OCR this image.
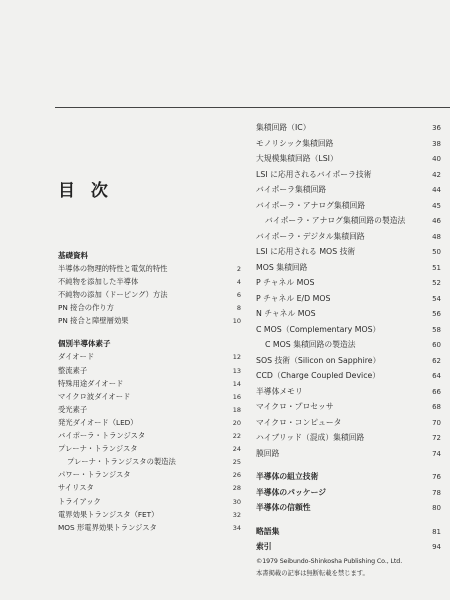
目 次
基礎資料
半導体の物理的特性と電気的特性	2
不純物を添加した半導体	4
不純物の添加（ドーピング）方法	6
PN 接合の作り方	8
PN 接合と障壁層効果	10
個別半導体素子
ダイオード	12
整流素子	13
特殊用途ダイオード	14
マイクロ波ダイオード	16
受光素子	18
発光ダイオード（LED）	20
バイポーラ・トランジスタ	22
プレーナ・トランジスタ	24
プレーナ・トランジスタの製造法	25
パワー・トランジスタ	26
サイリスタ	28
トライアック	30
電界効果トランジスタ（FET）	32
MOS 形電界効果トランジスタ	34
集積回路（IC）	36
モノリシック集積回路	38
大規模集積回路（LSI）	40
LSI に応用されるバイポーラ技術	42
バイポーラ集積回路	44
バイポーラ・アナログ集積回路	45
バイポーラ・アナログ集積回路の製造法	46
バイポーラ・デジタル集積回路	48
LSI に応用される MOS 技術	50
MOS 集積回路	51
P チャネル MOS	52
P チャネル E/D MOS	54
N チャネル MOS	56
C MOS（Complementary MOS）	58
C MOS 集積回路の製造法	60
SOS 技術（Silicon on Sapphire）	62
CCD（Charge Coupled Device）	64
半導体メモリ	66
マイクロ・プロセッサ	68
マイクロ・コンピュータ	70
ハイブリッド（混成）集積回路	72
膜回路	74
半導体の組立技術	76
半導体のパッケージ	78
半導体の信頼性	80
略語集	81
索引	94
©1979 Seibundo-Shinkosha Publishing Co., Ltd.
本書掲載の記事は無断転載を禁じます。
